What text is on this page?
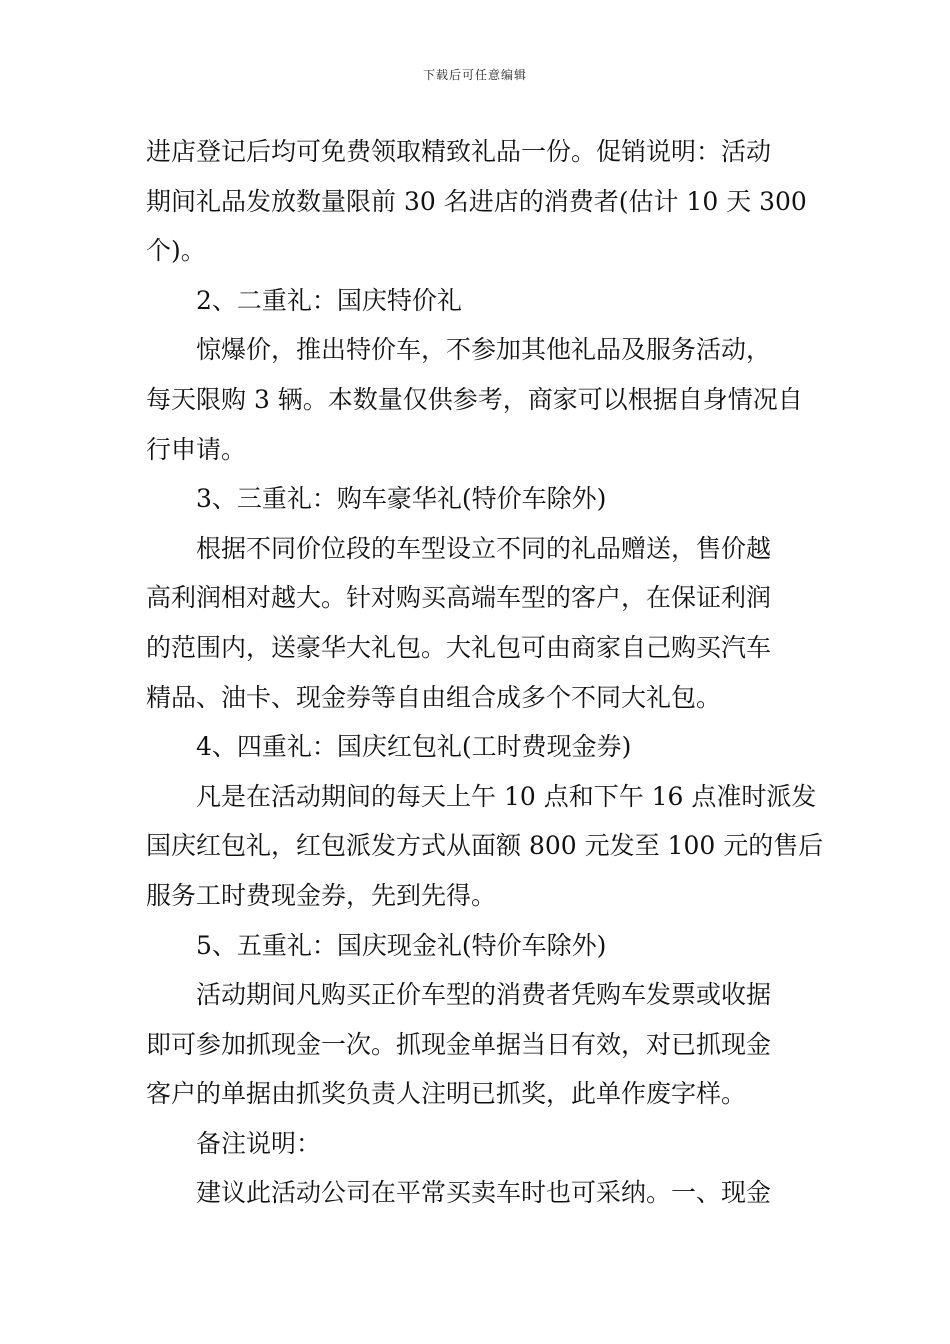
下载后可任意编辑
进店登记后均可免费领取精致礼品一份。促销说明：活动
期间礼品发放数量限前 30 名进店的消费者(估计 10 天 300
个)。
2、二重礼：国庆特价礼
惊爆价，推出特价车，不参加其他礼品及服务活动，
每天限购 3 辆。本数量仅供参考，商家可以根据自身情况自
行申请。
3、三重礼：购车豪华礼(特价车除外)
根据不同价位段的车型设立不同的礼品赠送，售价越
高利润相对越大。针对购买高端车型的客户，在保证利润
的范围内，送豪华大礼包。大礼包可由商家自己购买汽车
精品、油卡、现金券等自由组合成多个不同大礼包。
4、四重礼：国庆红包礼(工时费现金券)
凡是在活动期间的每天上午 10 点和下午 16 点准时派发
国庆红包礼，红包派发方式从面额 800 元发至 100 元的售后
服务工时费现金券，先到先得。
5、五重礼：国庆现金礼(特价车除外)
活动期间凡购买正价车型的消费者凭购车发票或收据
即可参加抓现金一次。抓现金单据当日有效，对已抓现金
客户的单据由抓奖负责人注明已抓奖，此单作废字样。
备注说明：
建议此活动公司在平常买卖车时也可采纳。一、现金
